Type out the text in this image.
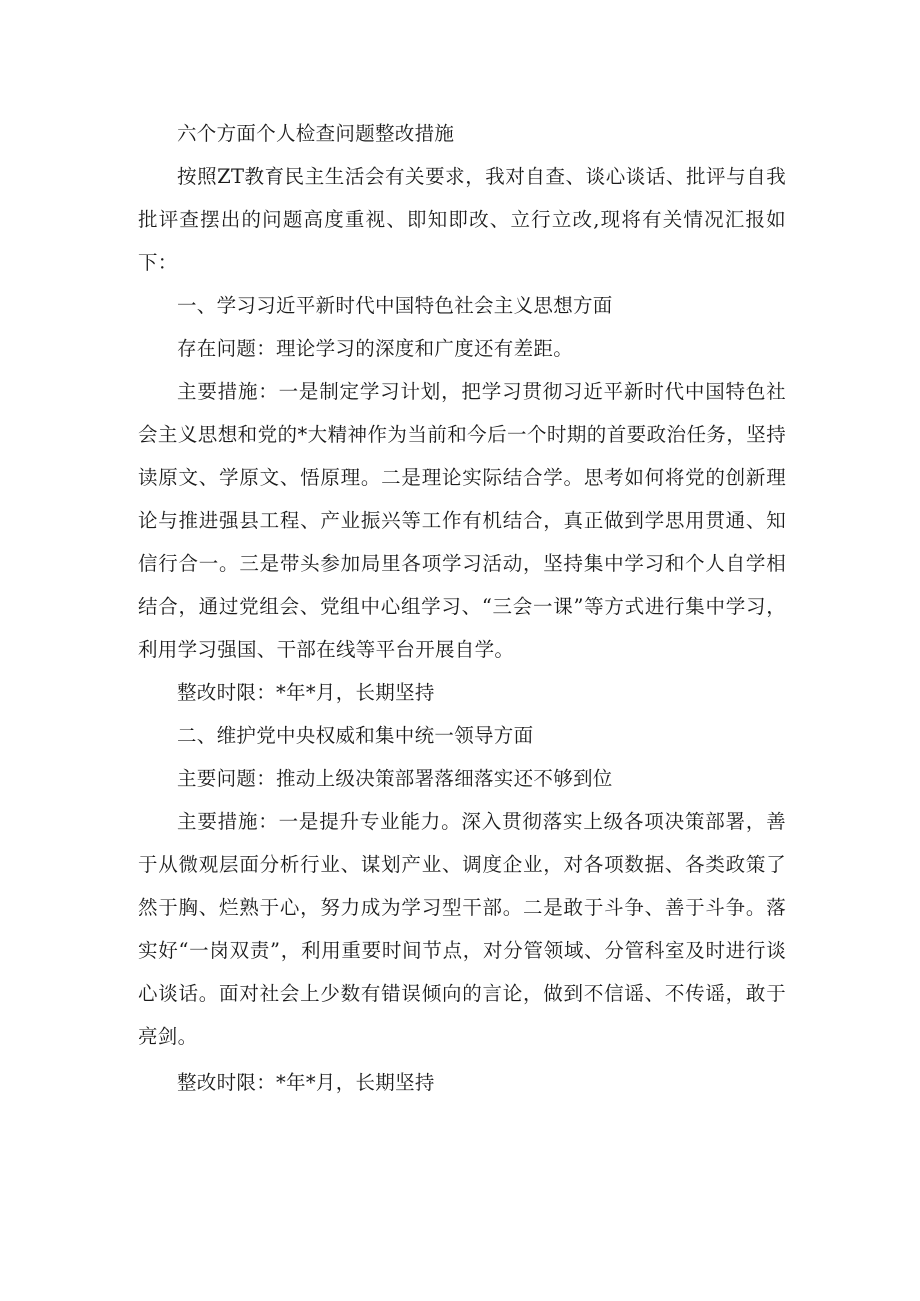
六个方面个人检查问题整改措施

按照ZT教育民主生活会有关要求，我对自查、谈心谈话、批评与自我批评查摆出的问题高度重视、即知即改、立行立改,现将有关情况汇报如下：

一、学习习近平新时代中国特色社会主义思想方面

存在问题：理论学习的深度和广度还有差距。

主要措施：一是制定学习计划，把学习贯彻习近平新时代中国特色社会主义思想和党的*大精神作为当前和今后一个时期的首要政治任务，坚持读原文、学原文、悟原理。二是理论实际结合学。思考如何将党的创新理论与推进强县工程、产业振兴等工作有机结合，真正做到学思用贯通、知信行合一。三是带头参加局里各项学习活动，坚持集中学习和个人自学相结合，通过党组会、党组中心组学习、“三会一课”等方式进行集中学习，利用学习强国、干部在线等平台开展自学。

整改时限：*年*月，长期坚持

二、维护党中央权威和集中统一领导方面

主要问题：推动上级决策部署落细落实还不够到位

主要措施：一是提升专业能力。深入贯彻落实上级各项决策部署，善于从微观层面分析行业、谋划产业、调度企业，对各项数据、各类政策了然于胸、烂熟于心，努力成为学习型干部。二是敢于斗争、善于斗争。落实好“一岗双责”，利用重要时间节点，对分管领域、分管科室及时进行谈心谈话。面对社会上少数有错误倾向的言论，做到不信谣、不传谣，敢于亮剑。

整改时限：*年*月，长期坚持
